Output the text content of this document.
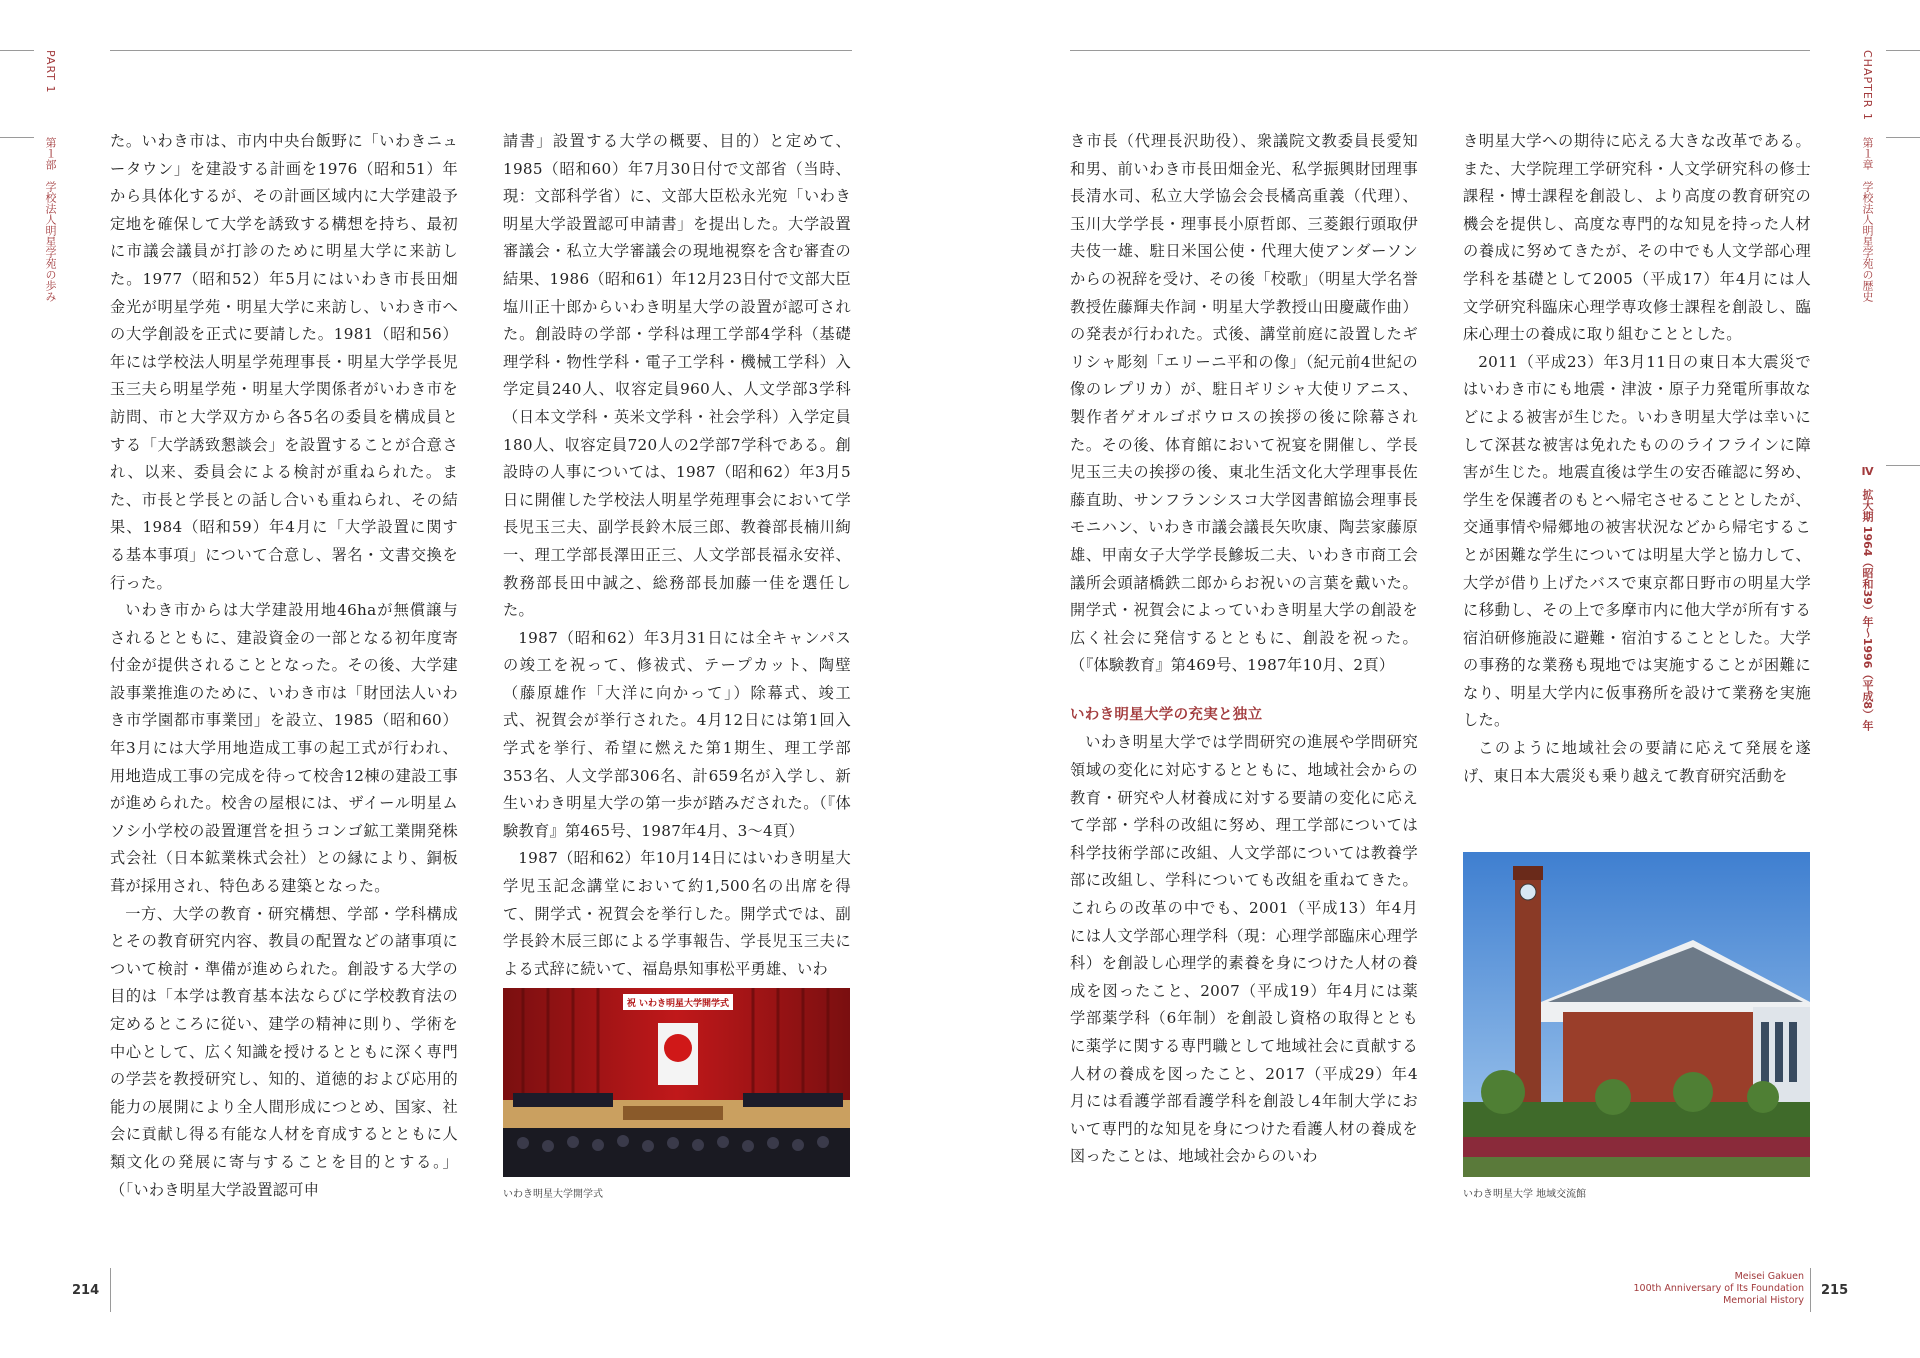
PART 1
第１部　学校法人明星学苑の歩み	た。いわき市は、市内中央台飯野に「いわきニュータウン」を建設する計画を1976（昭和51）年から具体化するが、その計画区域内に大学建設予定地を確保して大学を誘致する構想を持ち、最初に市議会議員が打診のために明星大学に来訪した。1977（昭和52）年5月にはいわき市長田畑金光が明星学苑・明星大学に来訪し、いわき市への大学創設を正式に要請した。1981（昭和56）年には学校法人明星学苑理事長・明星大学学長児玉三夫ら明星学苑・明星大学関係者がいわき市を訪問、市と大学双方から各5名の委員を構成員とする「大学誘致懇談会」を設置することが合意され、以来、委員会による検討が重ねられた。また、市長と学長との話し合いも重ねられ、その結果、1984（昭和59）年4月に「大学設置に関する基本事項」について合意し、署名・文書交換を行った。

いわき市からは大学建設用地46haが無償譲与されるとともに、建設資金の一部となる初年度寄付金が提供されることとなった。その後、大学建設事業推進のために、いわき市は「財団法人いわき市学園都市事業団」を設立、1985（昭和60）年3月には大学用地造成工事の起工式が行われ、用地造成工事の完成を待って校舎12棟の建設工事が進められた。校舎の屋根には、ザイール明星ムソシ小学校の設置運営を担うコンゴ鉱工業開発株式会社（日本鉱業株式会社）との縁により、銅板葺が採用され、特色ある建築となった。

一方、大学の教育・研究構想、学部・学科構成とその教育研究内容、教員の配置などの諸事項について検討・準備が進められた。創設する大学の目的は「本学は教育基本法ならびに学校教育法の定めるところに従い、建学の精神に則り、学術を中心として、広く知識を授けるとともに深く専門の学芸を教授研究し、知的、道徳的および応用的能力の展開により全人間形成につとめ、国家、社会に貢献し得る有能な人材を育成するとともに人類文化の発展に寄与することを目的とする。」（「いわき明星大学設置認可申

請書」設置する大学の概要、目的）と定めて、1985（昭和60）年7月30日付で文部省（当時、現：文部科学省）に、文部大臣松永光宛「いわき明星大学設置認可申請書」を提出した。大学設置審議会・私立大学審議会の現地視察を含む審査の結果、1986（昭和61）年12月23日付で文部大臣塩川正十郎からいわき明星大学の設置が認可された。創設時の学部・学科は理工学部4学科（基礎理学科・物性学科・電子工学科・機械工学科）入学定員240人、収容定員960人、人文学部3学科（日本文学科・英米文学科・社会学科）入学定員180人、収容定員720人の2学部7学科である。創設時の人事については、1987（昭和62）年3月5日に開催した学校法人明星学苑理事会において学長児玉三夫、副学長鈴木辰三郎、教養部長楠川絢一、理工学部長澤田正三、人文学部長福永安祥、教務部長田中誠之、総務部長加藤一佳を選任した。

1987（昭和62）年3月31日には全キャンパスの竣工を祝って、修祓式、テープカット、陶壁（藤原雄作「大洋に向かって」）除幕式、竣工式、祝賀会が挙行された。4月12日には第1回入学式を挙行、希望に燃えた第1期生、理工学部353名、人文学部306名、計659名が入学し、新生いわき明星大学の第一歩が踏みだされた。（『体験教育』第465号、1987年4月、3～4頁）

1987（昭和62）年10月14日にはいわき明星大学児玉記念講堂において約1,500名の出席を得て、開学式・祝賀会を挙行した。開学式では、副学長鈴木辰三郎による学事報告、学長児玉三夫による式辞に続いて、福島県知事松平勇雄、いわ

祝 いわき明星大学開学式
いわき明星大学開学式
214
CHAPTER 1
第１章　学校法人明星学苑の歴史
Ⅳ　拡大期 1964（昭和39）年～1996（平成8）年

き市長（代理長沢助役）、衆議院文教委員長愛知和男、前いわき市長田畑金光、私学振興財団理事長清水司、私立大学協会会長橘高重義（代理）、玉川大学学長・理事長小原哲郎、三菱銀行頭取伊夫伎一雄、駐日米国公使・代理大使アンダーソンからの祝辞を受け、その後「校歌」（明星大学名誉教授佐藤輝夫作詞・明星大学教授山田慶蔵作曲）の発表が行われた。式後、講堂前庭に設置したギリシャ彫刻「エリーニ平和の像」（紀元前4世紀の像のレプリカ）が、駐日ギリシャ大使リアニス、製作者ゲオルゴボウロスの挨拶の後に除幕された。その後、体育館において祝宴を開催し、学長児玉三夫の挨拶の後、東北生活文化大学理事長佐藤直助、サンフランシスコ大学図書館協会理事長モニハン、いわき市議会議長矢吹康、陶芸家藤原雄、甲南女子大学学長鰺坂二夫、いわき市商工会議所会頭諸橋鉄二郎からお祝いの言葉を戴いた。開学式・祝賀会によっていわき明星大学の創設を広く社会に発信するとともに、創設を祝った。（『体験教育』第469号、1987年10月、2頁）

いわき明星大学の充実と独立

いわき明星大学では学問研究の進展や学問研究領域の変化に対応するとともに、地域社会からの教育・研究や人材養成に対する要請の変化に応えて学部・学科の改組に努め、理工学部については科学技術学部に改組、人文学部については教養学部に改組し、学科についても改組を重ねてきた。これらの改革の中でも、2001（平成13）年4月には人文学部心理学科（現：心理学部臨床心理学科）を創設し心理学的素養を身につけた人材の養成を図ったこと、2007（平成19）年4月には薬学部薬学科（6年制）を創設し資格の取得とともに薬学に関する専門職として地域社会に貢献する人材の養成を図ったこと、2017（平成29）年4月には看護学部看護学科を創設し4年制大学において専門的な知見を身につけた看護人材の養成を図ったことは、地域社会からのいわ

き明星大学への期待に応える大きな改革である。また、大学院理工学研究科・人文学研究科の修士課程・博士課程を創設し、より高度の教育研究の機会を提供し、高度な専門的な知見を持った人材の養成に努めてきたが、その中でも人文学部心理学科を基礎として2005（平成17）年4月には人文学研究科臨床心理学専攻修士課程を創設し、臨床心理士の養成に取り組むこととした。

2011（平成23）年3月11日の東日本大震災ではいわき市にも地震・津波・原子力発電所事故などによる被害が生じた。いわき明星大学は幸いにして深甚な被害は免れたもののライフラインに障害が生じた。地震直後は学生の安否確認に努め、学生を保護者のもとへ帰宅させることとしたが、交通事情や帰郷地の被害状況などから帰宅することが困難な学生については明星大学と協力して、大学が借り上げたバスで東京都日野市の明星大学に移動し、その上で多摩市内に他大学が所有する宿泊研修施設に避難・宿泊することとした。大学の事務的な業務も現地では実施することが困難になり、明星大学内に仮事務所を設けて業務を実施した。

このように地域社会の要請に応えて発展を遂げ、東日本大震災も乗り越えて教育研究活動を

いわき明星大学 地域交流館
Meisei Gakuen
100th Anniversary of Its Foundation
Memorial History
215
